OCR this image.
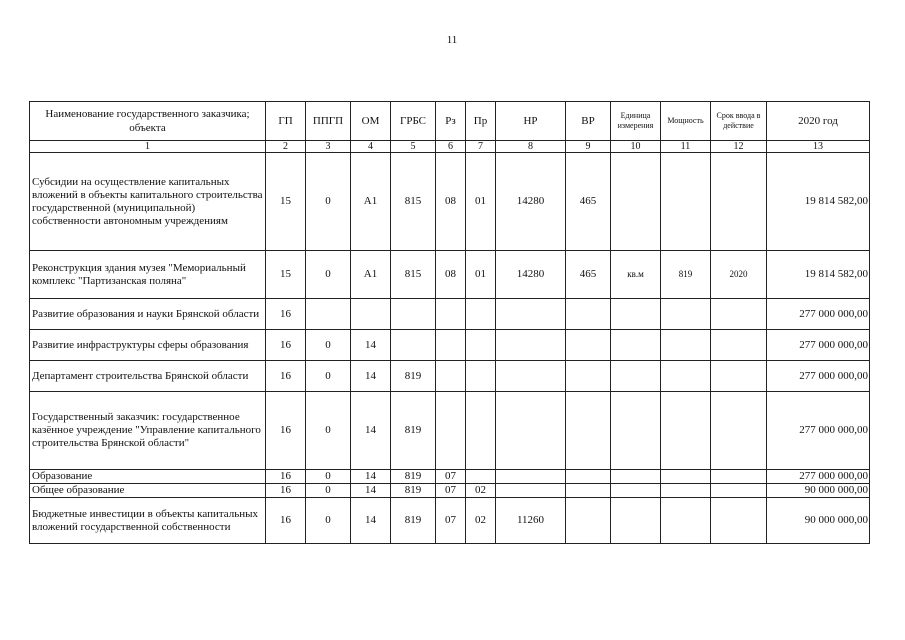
11
Наименование государственного заказчика; объекта	ГП	ППГП	ОМ	ГРБС	Рз	Пр	НР	ВР	Единица измерения	Мощность	Срок ввода в действие	2020 год
1	2	3	4	5	6	7	8	9	10	11	12	13
Субсидии на осуществление капитальных вложений в объекты капитального строительства государственной (муниципальной) собственности автономным учреждениям	15	0	А1	815	08	01	14280	465				19 814 582,00
Реконструкция здания музея "Мемориальный комплекс "Партизанская поляна"	15	0	А1	815	08	01	14280	465	кв.м	819	2020	19 814 582,00
Развитие образования и науки Брянской области	16											277 000 000,00
Развитие инфраструктуры сферы образования	16	0	14									277 000 000,00
Департамент строительства Брянской области	16	0	14	819								277 000 000,00
Государственный заказчик: государственное казённое учреждение "Управление капитального строительства Брянской области"	16	0	14	819								277 000 000,00
Образование	16	0	14	819	07							277 000 000,00
Общее образование	16	0	14	819	07	02						90 000 000,00
Бюджетные инвестиции в объекты капитальных вложений государственной собственности	16	0	14	819	07	02	11260					90 000 000,00
